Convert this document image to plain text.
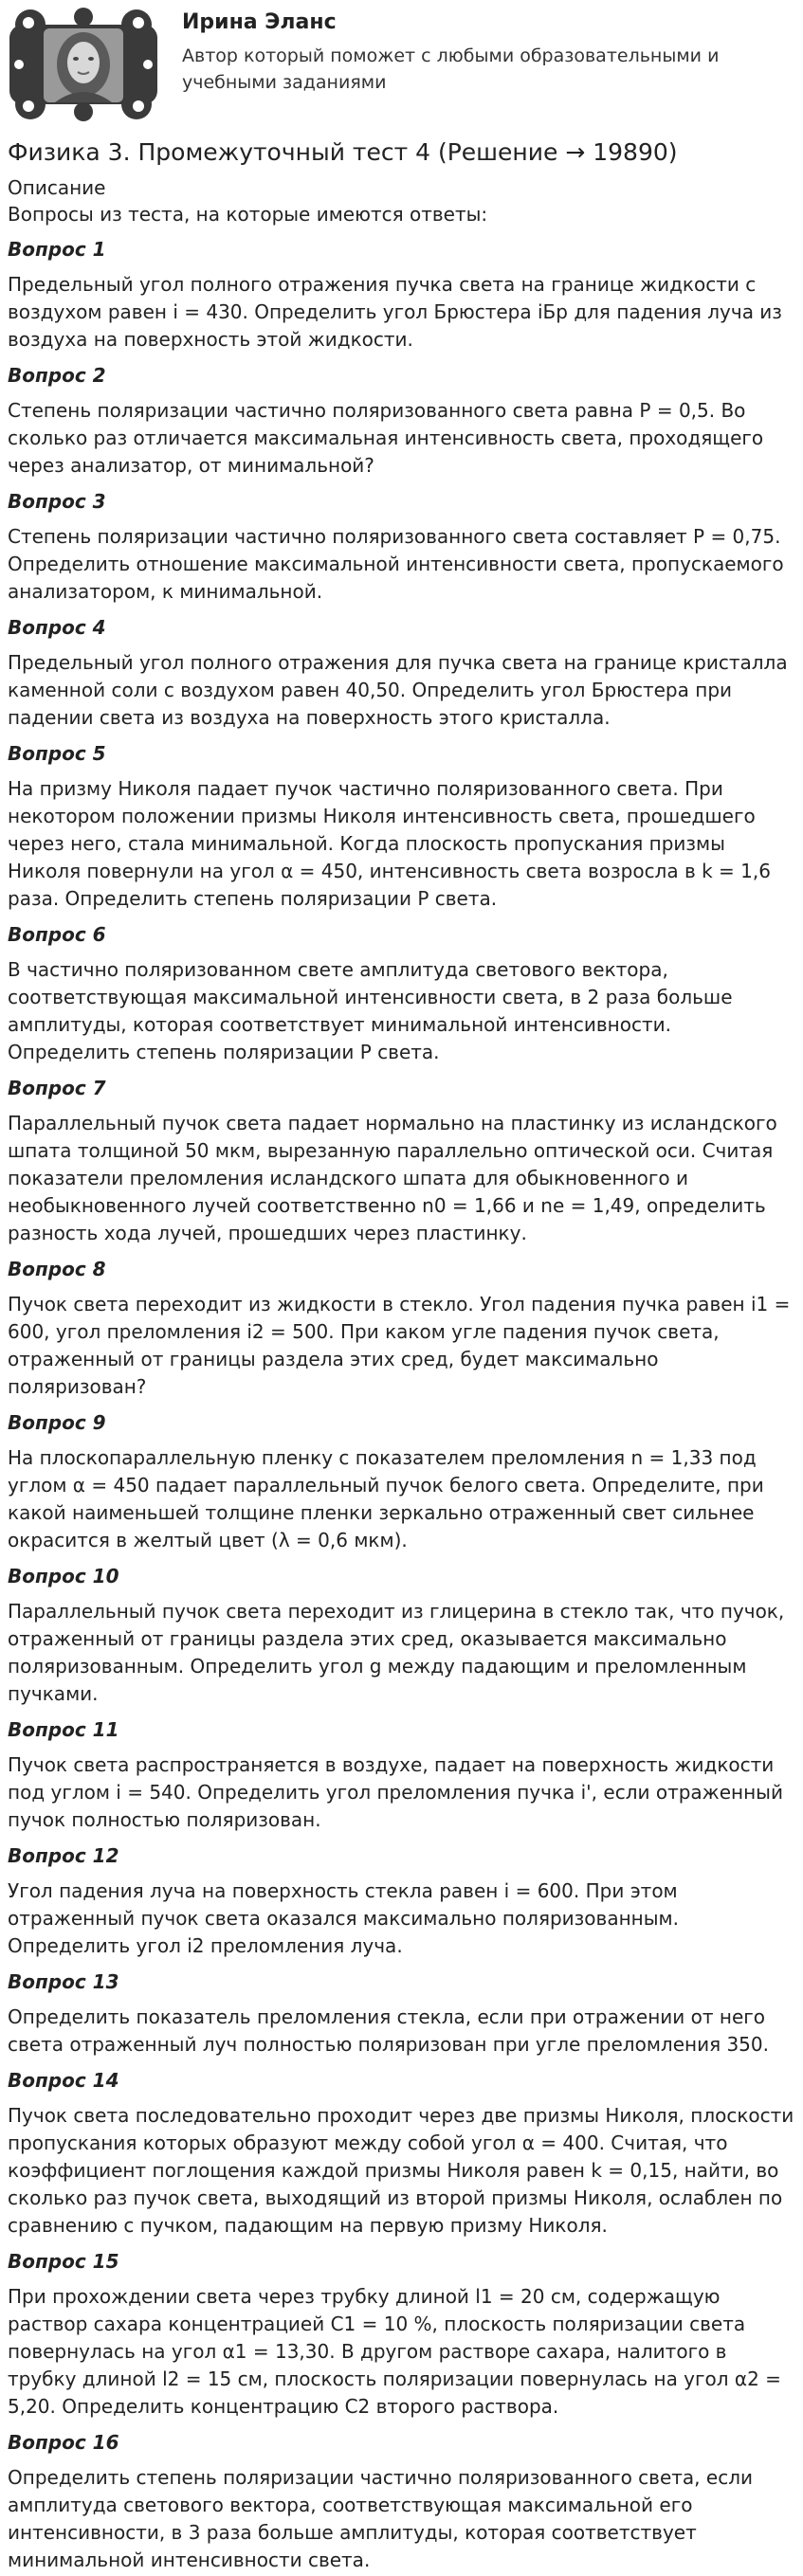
Ирина Эланс
Автор который поможет с любыми образовательными и учебными заданиями
Физика 3. Промежуточный тест 4 (Решение → 19890)
Описание
Вопросы из теста, на которые имеются ответы:
Вопрос 1

Предельный угол полного отражения пучка света на границе жидкости с воздухом равен i = 430. Определить угол Брюстера iБр для падения луча из воздуха на поверхность этой жидкости.

Вопрос 2

Степень поляризации частично поляризованного света равна P = 0,5. Во сколько раз отличается максимальная интенсивность света, проходящего через анализатор, от минимальной?

Вопрос 3

Степень поляризации частично поляризованного света составляет P = 0,75. Определить отношение максимальной интенсивности света, пропускаемого анализатором, к минимальной.

Вопрос 4

Предельный угол полного отражения для пучка света на границе кристалла каменной соли с воздухом равен 40,50. Определить угол Брюстера при падении света из воздуха на поверхность этого кристалла.

Вопрос 5

На призму Николя падает пучок частично поляризованного света. При некотором положении призмы Николя интенсивность света, прошедшего через него, стала минимальной. Когда плоскость пропускания призмы Николя повернули на угол α = 450, интенсивность света возросла в k = 1,6 раза. Определить степень поляризации P света.

Вопрос 6

В частично поляризованном свете амплитуда светового вектора, соответствующая максимальной интенсивности света, в 2 раза больше амплитуды, которая соответствует минимальной интенсивности. Определить степень поляризации P света.

Вопрос 7

Параллельный пучок света падает нормально на пластинку из исландского шпата толщиной 50 мкм, вырезанную параллельно оптической оси. Считая показатели преломления исландского шпата для обыкновенного и необыкновенного лучей соответственно n0 = 1,66 и ne = 1,49, определить разность хода лучей, прошедших через пластинку.

Вопрос 8

Пучок света переходит из жидкости в стекло. Угол падения пучка равен i1 = 600, угол преломления i2 = 500. При каком угле падения пучок света, отраженный от границы раздела этих сред, будет максимально поляризован?

Вопрос 9

На плоскопараллельную пленку с показателем преломления n = 1,33 под углом α = 450 падает параллельный пучок белого света. Определите, при какой наименьшей толщине пленки зеркально отраженный свет сильнее окрасится в желтый цвет (λ = 0,6 мкм).

Вопрос 10

Параллельный пучок света переходит из глицерина в стекло так, что пучок, отраженный от границы раздела этих сред, оказывается максимально поляризованным. Определить угол g между падающим и преломленным пучками.

Вопрос 11

Пучок света распространяется в воздухе, падает на поверхность жидкости под углом i = 540. Определить угол преломления пучка i', если отраженный пучок полностью поляризован.

Вопрос 12

Угол падения луча на поверхность стекла равен i = 600. При этом отраженный пучок света оказался максимально поляризованным. Определить угол i2 преломления луча.

Вопрос 13

Определить показатель преломления стекла, если при отражении от него света отраженный луч полностью поляризован при угле преломления 350.

Вопрос 14

Пучок света последовательно проходит через две призмы Николя, плоскости пропускания которых образуют между собой угол α = 400. Считая, что коэффициент поглощения каждой призмы Николя равен k = 0,15, найти, во сколько раз пучок света, выходящий из второй призмы Николя, ослаблен по сравнению с пучком, падающим на первую призму Николя.

Вопрос 15

При прохождении света через трубку длиной l1 = 20 см, содержащую раствор сахара концентрацией C1 = 10 %, плоскость поляризации света повернулась на угол α1 = 13,30. В другом растворе сахара, налитого в трубку длиной l2 = 15 см, плоскость поляризации повернулась на угол α2 = 5,20. Определить концентрацию C2 второго раствора.

Вопрос 16

Определить степень поляризации частично поляризованного света, если амплитуда светового вектора, соответствующая максимальной его интенсивности, в 3 раза больше амплитуды, которая соответствует минимальной интенсивности света.
